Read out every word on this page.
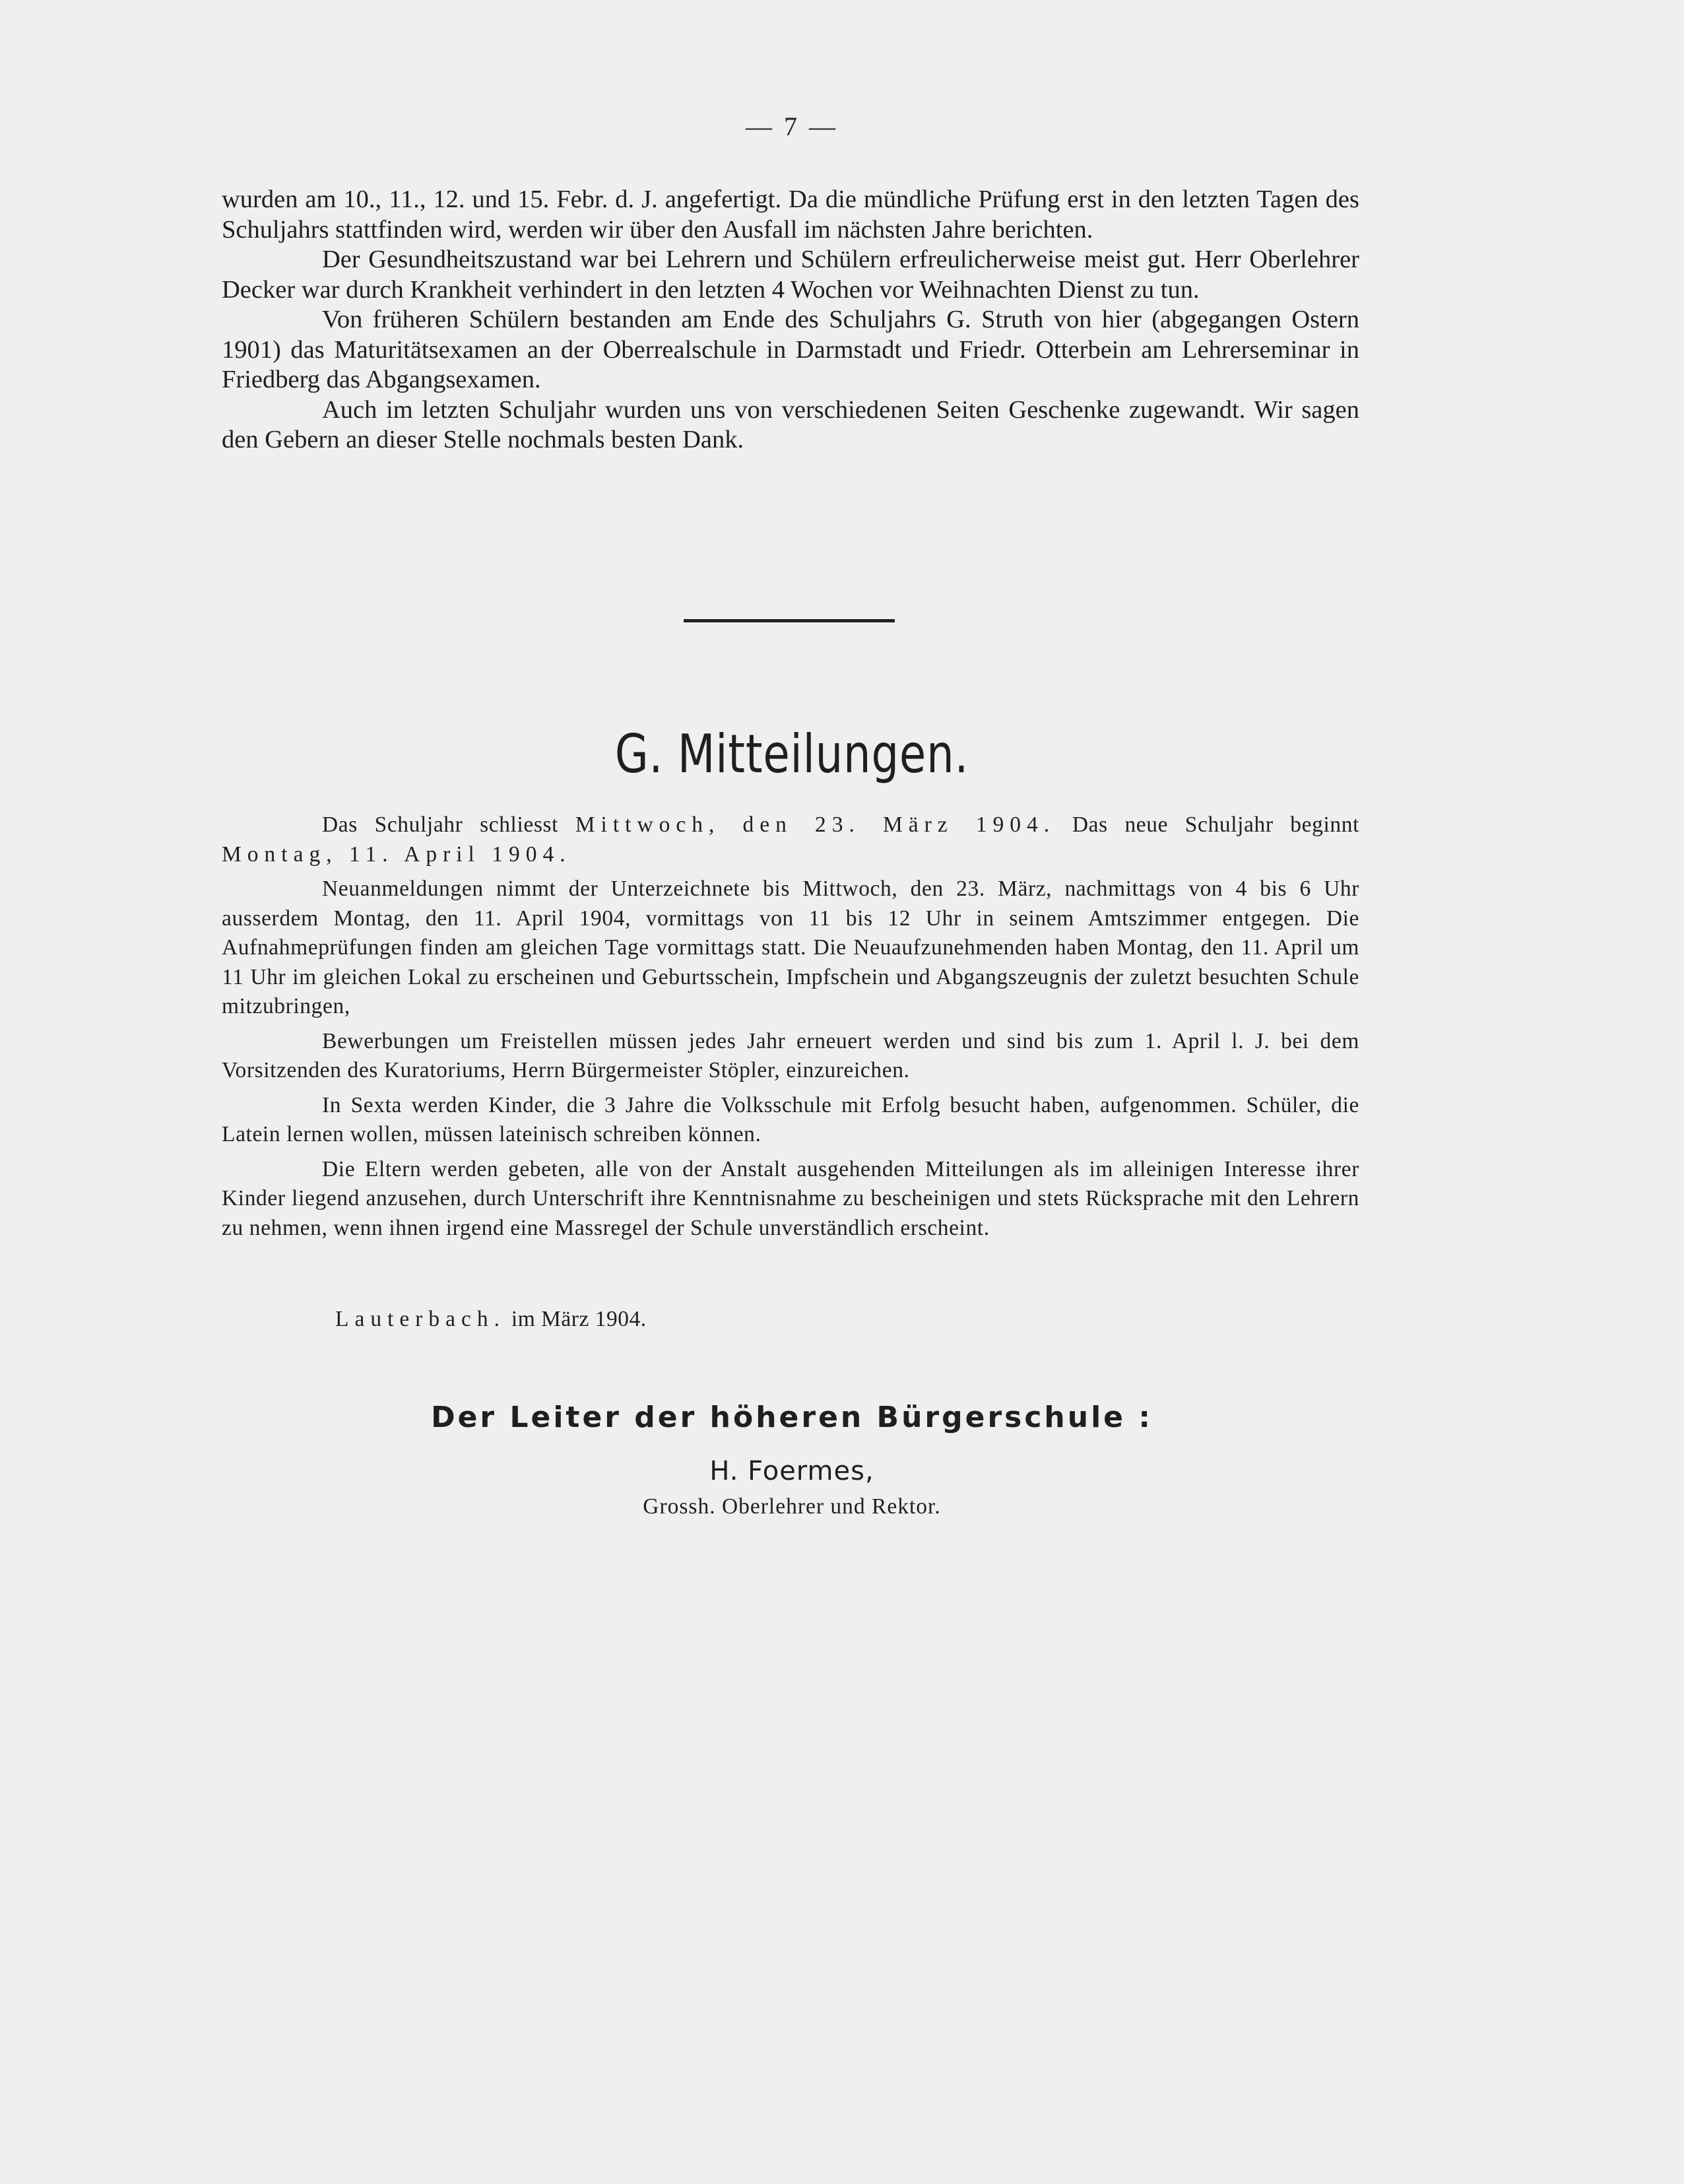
— 7 —

wurden am 10., 11., 12. und 15. Febr. d. J. angefertigt. Da die mündliche Prüfung erst in den letzten Tagen des Schuljahrs stattfinden wird, werden wir über den Ausfall im nächsten Jahre berichten.

Der Gesundheitszustand war bei Lehrern und Schülern erfreulicherweise meist gut. Herr Oberlehrer Decker war durch Krankheit verhindert in den letzten 4 Wochen vor Weihnachten Dienst zu tun.

Von früheren Schülern bestanden am Ende des Schuljahrs G. Struth von hier (abgegangen Ostern 1901) das Maturitätsexamen an der Oberrealschule in Darmstadt und Friedr. Otterbein am Lehrerseminar in Friedberg das Abgangsexamen.

Auch im letzten Schuljahr wurden uns von verschiedenen Seiten Geschenke zugewandt. Wir sagen den Gebern an dieser Stelle nochmals besten Dank.

G. Mitteilungen.

Das Schuljahr schliesst Mittwoch, den 23. März 1904. Das neue Schuljahr beginnt Montag, 11. April 1904.

Neuanmeldungen nimmt der Unterzeichnete bis Mittwoch, den 23. März, nachmittags von 4 bis 6 Uhr ausserdem Montag, den 11. April 1904, vormittags von 11 bis 12 Uhr in seinem Amtszimmer entgegen. Die Aufnahmeprüfungen finden am gleichen Tage vormittags statt. Die Neuaufzunehmenden haben Montag, den 11. April um 11 Uhr im gleichen Lokal zu erscheinen und Geburtsschein, Impfschein und Abgangszeugnis der zuletzt besuchten Schule mitzubringen,

Bewerbungen um Freistellen müssen jedes Jahr erneuert werden und sind bis zum 1. April l. J. bei dem Vorsitzenden des Kuratoriums, Herrn Bürgermeister Stöpler, einzureichen.

In Sexta werden Kinder, die 3 Jahre die Volksschule mit Erfolg besucht haben, aufgenommen. Schüler, die Latein lernen wollen, müssen lateinisch schreiben können.

Die Eltern werden gebeten, alle von der Anstalt ausgehenden Mitteilungen als im alleinigen Interesse ihrer Kinder liegend anzusehen, durch Unterschrift ihre Kenntnisnahme zu bescheinigen und stets Rücksprache mit den Lehrern zu nehmen, wenn ihnen irgend eine Massregel der Schule unverständlich erscheint.

Lauterbach. im März 1904.
Der Leiter der höheren Bürgerschule :
H. Foermes,
Grossh. Oberlehrer und Rektor.
